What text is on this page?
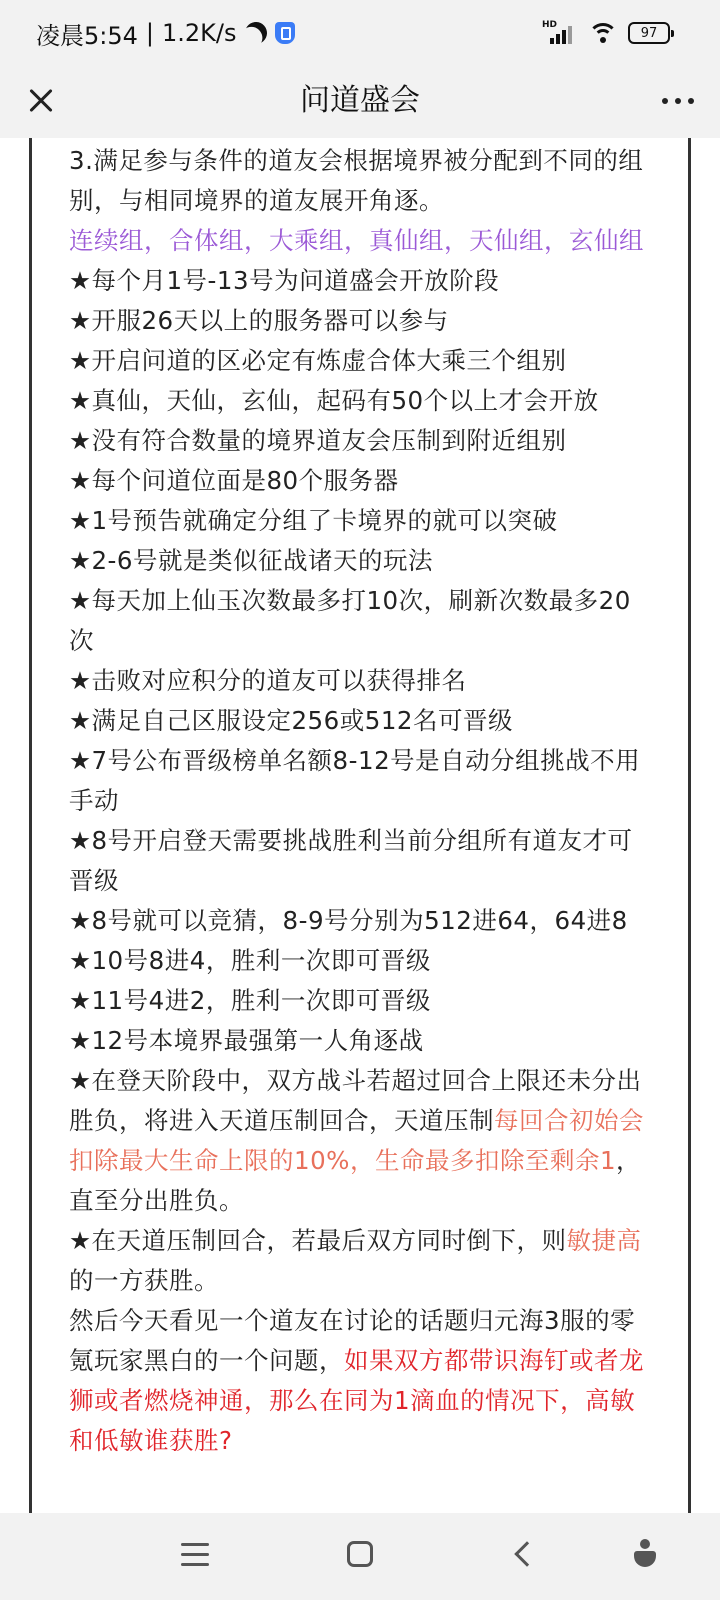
凌晨5:54 | 1.2K/s	HD
97
问道盛会

3.满足参与条件的道友会根据境界被分配到不同的组别，与相同境界的道友展开角逐。

连续组，合体组，大乘组，真仙组，天仙组，玄仙组

★每个月1号-13号为问道盛会开放阶段

★开服26天以上的服务器可以参与

★开启问道的区必定有炼虚合体大乘三个组别

★真仙，天仙，玄仙，起码有50个以上才会开放

★没有符合数量的境界道友会压制到附近组别

★每个问道位面是80个服务器

★1号预告就确定分组了卡境界的就可以突破

★2-6号就是类似征战诸天的玩法

★每天加上仙玉次数最多打10次，刷新次数最多20次

★击败对应积分的道友可以获得排名

★满足自己区服设定256或512名可晋级

★7号公布晋级榜单名额8-12号是自动分组挑战不用手动

★8号开启登天需要挑战胜利当前分组所有道友才可晋级

★8号就可以竞猜，8-9号分别为512进64，64进8

★10号8进4，胜利一次即可晋级

★11号4进2，胜利一次即可晋级

★12号本境界最强第一人角逐战

★在登天阶段中，双方战斗若超过回合上限还未分出胜负，将进入天道压制回合，天道压制每回合初始会扣除最大生命上限的10%，生命最多扣除至剩余1，直至分出胜负。

★在天道压制回合，若最后双方同时倒下，则敏捷高的一方获胜。

然后今天看见一个道友在讨论的话题归元海3服的零氪玩家黑白的一个问题，如果双方都带识海钉或者龙狮或者燃烧神通，那么在同为1滴血的情况下，高敏和低敏谁获胜?
